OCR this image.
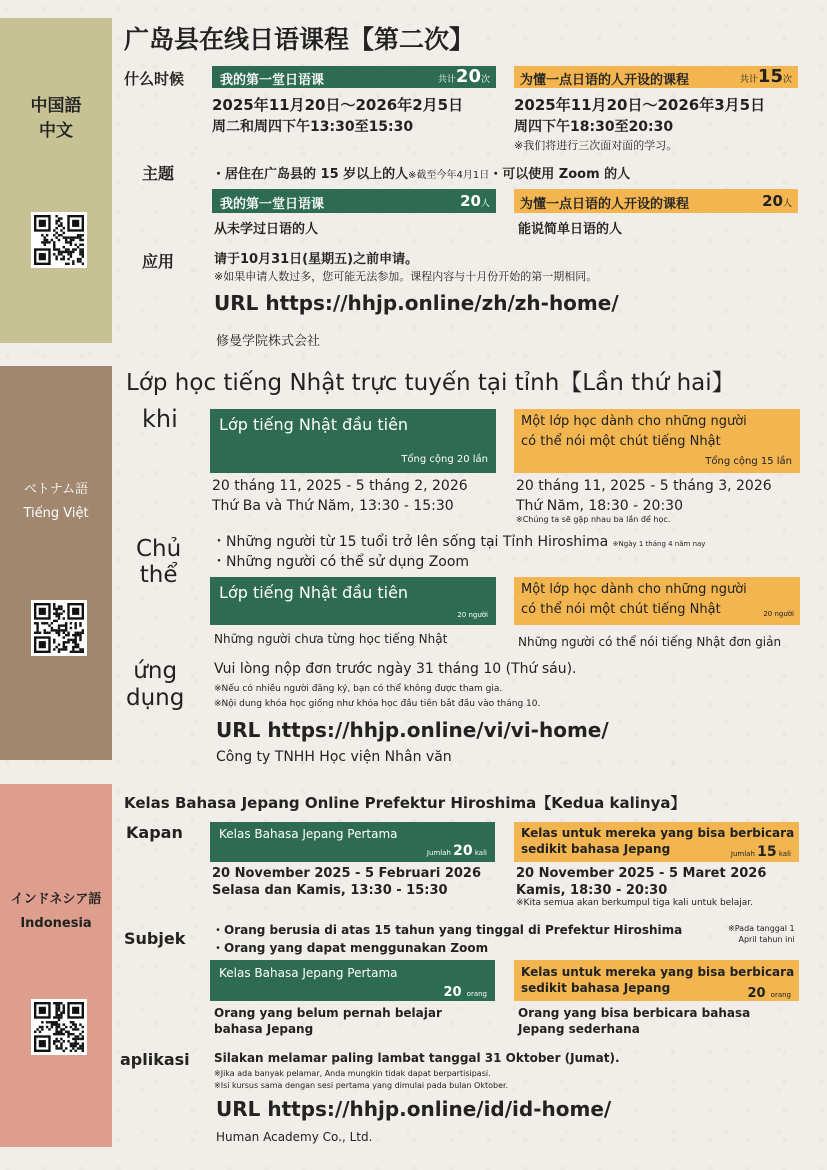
中国語
中文
ベトナム語
Tiếng Việt
インドネシア語
Indonesia
广岛县在线日语课程【第二次】
什么时候	我的第一堂日语课	共计20次 为懂一点日语的人开设的课程	共计15次
2025年11月20日～2026年2月5日
周二和周四下午13:30至15:30
2025年11月20日～2026年3月5日
周四下午18:30至20:30
※我们将进行三次面对面的学习。
主题	・居住在广岛县的 15 岁以上的人※截至今年4月1日・可以使用 Zoom 的人
我的第一堂日语课	20人 为懂一点日语的人开设的课程	20人
从未学过日语的人	能说简单日语的人
应用	请于10月31日(星期五)之前申请。
※如果申请人数过多，您可能无法参加。课程内容与十月份开始的第一期相同。
URL https://hhjp.online/zh/zh-home/
修曼学院株式会社
Lớp học tiếng Nhật trực tuyến tại tỉnh【Lần thứ hai】
khi	Lớp tiếng Nhật đầu tiên
Tổng cộng 20 lần
Một lớp học dành cho những người
có thể nói một chút tiếng Nhật
Tổng cộng 15 lần
20 tháng 11, 2025 - 5 tháng 2, 2026
Thứ Ba và Thứ Năm, 13:30 - 15:30
20 tháng 11, 2025 - 5 tháng 3, 2026
Thứ Năm, 18:30 - 20:30
※Chúng ta sẽ gặp nhau ba lần để học.
Chủ
thể
・Những người từ 15 tuổi trở lên sống tại Tỉnh Hiroshima ※Ngày 1 tháng 4 năm nay
・Những người có thể sử dụng Zoom
Lớp tiếng Nhật đầu tiên
20 người
Một lớp học dành cho những người
có thể nói một chút tiếng Nhật	20 người
Những người chưa từng học tiếng Nhật	Những người có thể nói tiếng Nhật đơn giản
ứng
dụng
Vui lòng nộp đơn trước ngày 31 tháng 10 (Thứ sáu).
※Nếu có nhiều người đăng ký, bạn có thể không được tham gia.
※Nội dung khóa học giống như khóa học đầu tiên bắt đầu vào tháng 10.
URL https://hhjp.online/vi/vi-home/
Công ty TNHH Học viện Nhân văn
Kelas Bahasa Jepang Online Prefektur Hiroshima【Kedua kalinya】
Kapan	Kelas Bahasa Jepang Pertama
Jumlah 20 kali
Kelas untuk mereka yang bisa berbicara
sedikit bahasa Jepang	Jumlah 15 kali
20 November 2025 - 5 Februari 2026
Selasa dan Kamis, 13:30 - 15:30
20 November 2025 - 5 Maret 2026
Kamis, 18:30 - 20:30
※Kita semua akan berkumpul tiga kali untuk belajar.
Subjek ・Orang berusia di atas 15 tahun yang tinggal di Prefektur Hiroshima	※Pada tanggal 1
April tahun ini
・Orang yang dapat menggunakan Zoom
Kelas Bahasa Jepang Pertama
20 orang
Kelas untuk mereka yang bisa berbicara
sedikit bahasa Jepang	20 orang
Orang yang belum pernah belajar
bahasa Jepang
Orang yang bisa berbicara bahasa
Jepang sederhana
aplikasi Silakan melamar paling lambat tanggal 31 Oktober (Jumat).
※Jika ada banyak pelamar, Anda mungkin tidak dapat berpartisipasi.
※Isi kursus sama dengan sesi pertama yang dimulai pada bulan Oktober.
URL https://hhjp.online/id/id-home/
Human Academy Co., Ltd.
